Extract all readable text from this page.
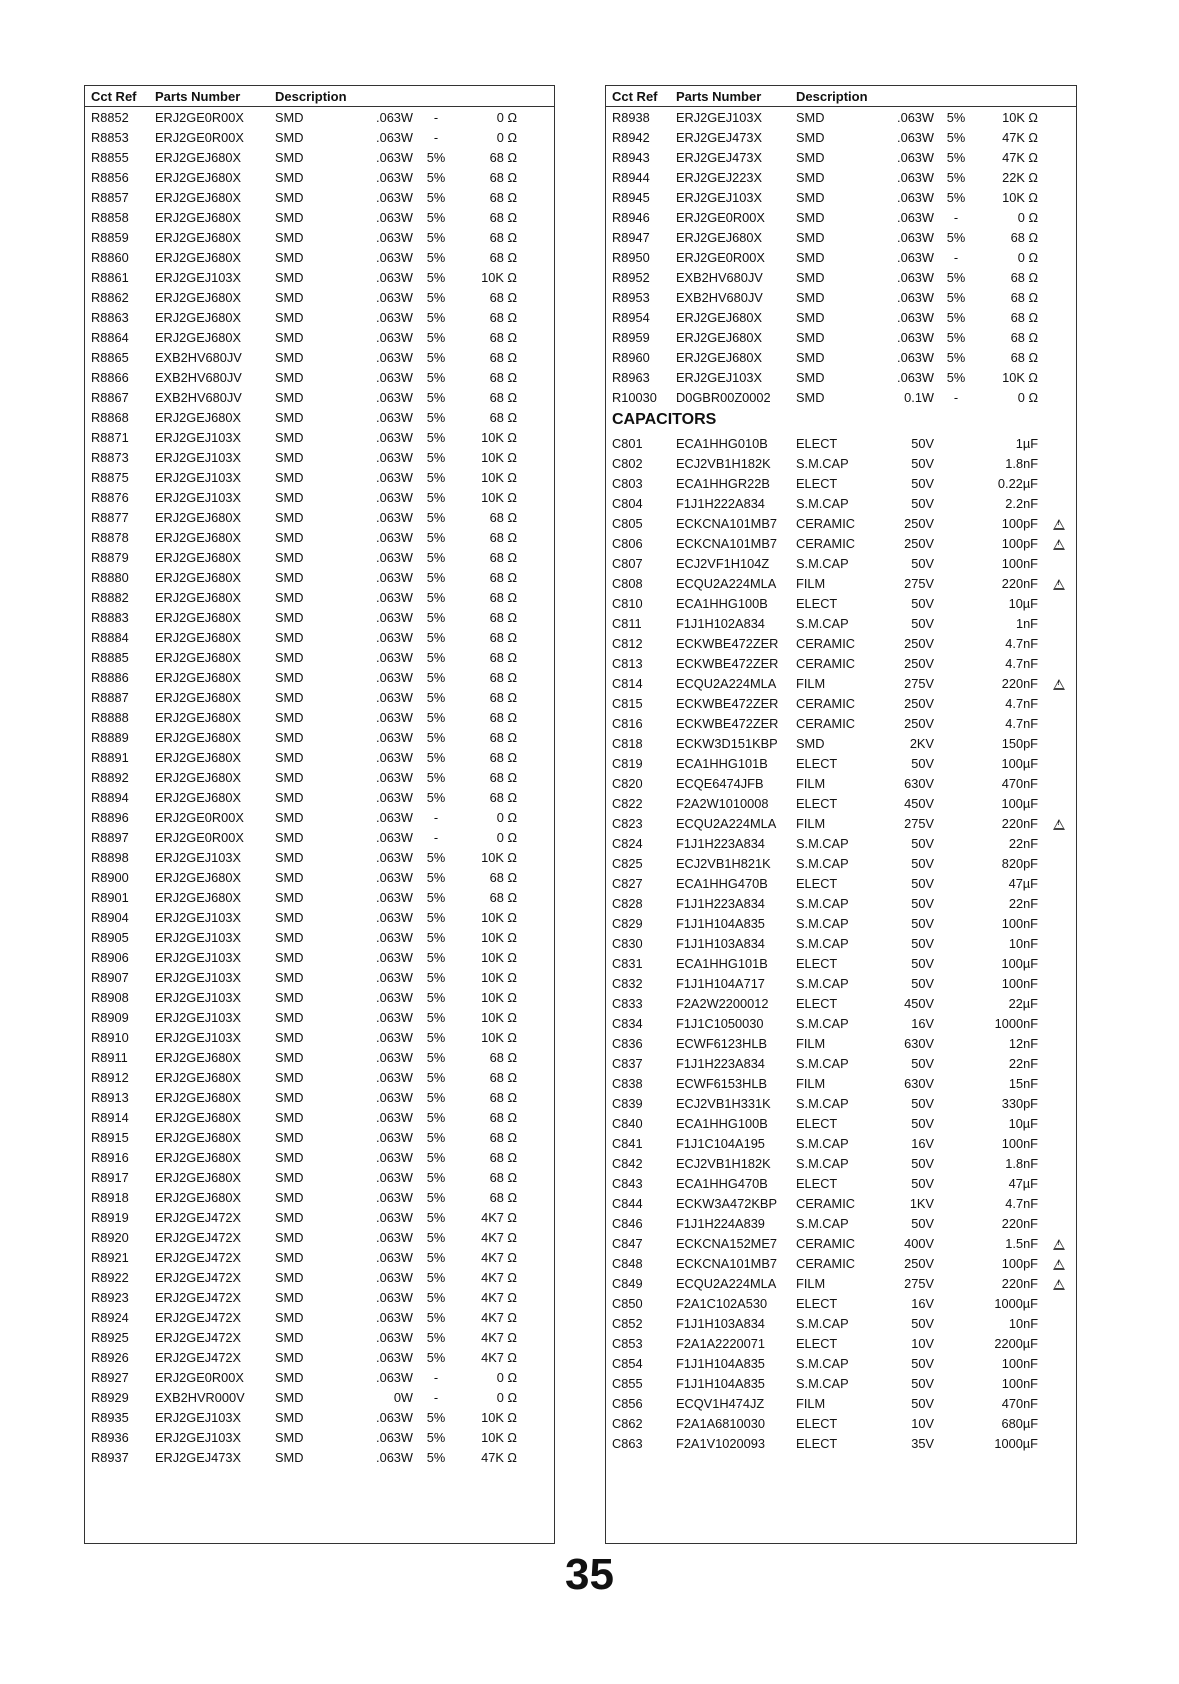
Cct Ref	Parts Number	Description				
R8852	ERJ2GE0R00X	SMD	.063W	-	0 Ω	
R8853	ERJ2GE0R00X	SMD	.063W	-	0 Ω	
R8855	ERJ2GEJ680X	SMD	.063W	5%	68 Ω	
R8856	ERJ2GEJ680X	SMD	.063W	5%	68 Ω	
R8857	ERJ2GEJ680X	SMD	.063W	5%	68 Ω	
R8858	ERJ2GEJ680X	SMD	.063W	5%	68 Ω	
R8859	ERJ2GEJ680X	SMD	.063W	5%	68 Ω	
R8860	ERJ2GEJ680X	SMD	.063W	5%	68 Ω	
R8861	ERJ2GEJ103X	SMD	.063W	5%	10K Ω	
R8862	ERJ2GEJ680X	SMD	.063W	5%	68 Ω	
R8863	ERJ2GEJ680X	SMD	.063W	5%	68 Ω	
R8864	ERJ2GEJ680X	SMD	.063W	5%	68 Ω	
R8865	EXB2HV680JV	SMD	.063W	5%	68 Ω	
R8866	EXB2HV680JV	SMD	.063W	5%	68 Ω	
R8867	EXB2HV680JV	SMD	.063W	5%	68 Ω	
R8868	ERJ2GEJ680X	SMD	.063W	5%	68 Ω	
R8871	ERJ2GEJ103X	SMD	.063W	5%	10K Ω	
R8873	ERJ2GEJ103X	SMD	.063W	5%	10K Ω	
R8875	ERJ2GEJ103X	SMD	.063W	5%	10K Ω	
R8876	ERJ2GEJ103X	SMD	.063W	5%	10K Ω	
R8877	ERJ2GEJ680X	SMD	.063W	5%	68 Ω	
R8878	ERJ2GEJ680X	SMD	.063W	5%	68 Ω	
R8879	ERJ2GEJ680X	SMD	.063W	5%	68 Ω	
R8880	ERJ2GEJ680X	SMD	.063W	5%	68 Ω	
R8882	ERJ2GEJ680X	SMD	.063W	5%	68 Ω	
R8883	ERJ2GEJ680X	SMD	.063W	5%	68 Ω	
R8884	ERJ2GEJ680X	SMD	.063W	5%	68 Ω	
R8885	ERJ2GEJ680X	SMD	.063W	5%	68 Ω	
R8886	ERJ2GEJ680X	SMD	.063W	5%	68 Ω	
R8887	ERJ2GEJ680X	SMD	.063W	5%	68 Ω	
R8888	ERJ2GEJ680X	SMD	.063W	5%	68 Ω	
R8889	ERJ2GEJ680X	SMD	.063W	5%	68 Ω	
R8891	ERJ2GEJ680X	SMD	.063W	5%	68 Ω	
R8892	ERJ2GEJ680X	SMD	.063W	5%	68 Ω	
R8894	ERJ2GEJ680X	SMD	.063W	5%	68 Ω	
R8896	ERJ2GE0R00X	SMD	.063W	-	0 Ω	
R8897	ERJ2GE0R00X	SMD	.063W	-	0 Ω	
R8898	ERJ2GEJ103X	SMD	.063W	5%	10K Ω	
R8900	ERJ2GEJ680X	SMD	.063W	5%	68 Ω	
R8901	ERJ2GEJ680X	SMD	.063W	5%	68 Ω	
R8904	ERJ2GEJ103X	SMD	.063W	5%	10K Ω	
R8905	ERJ2GEJ103X	SMD	.063W	5%	10K Ω	
R8906	ERJ2GEJ103X	SMD	.063W	5%	10K Ω	
R8907	ERJ2GEJ103X	SMD	.063W	5%	10K Ω	
R8908	ERJ2GEJ103X	SMD	.063W	5%	10K Ω	
R8909	ERJ2GEJ103X	SMD	.063W	5%	10K Ω	
R8910	ERJ2GEJ103X	SMD	.063W	5%	10K Ω	
R8911	ERJ2GEJ680X	SMD	.063W	5%	68 Ω	
R8912	ERJ2GEJ680X	SMD	.063W	5%	68 Ω	
R8913	ERJ2GEJ680X	SMD	.063W	5%	68 Ω	
R8914	ERJ2GEJ680X	SMD	.063W	5%	68 Ω	
R8915	ERJ2GEJ680X	SMD	.063W	5%	68 Ω	
R8916	ERJ2GEJ680X	SMD	.063W	5%	68 Ω	
R8917	ERJ2GEJ680X	SMD	.063W	5%	68 Ω	
R8918	ERJ2GEJ680X	SMD	.063W	5%	68 Ω	
R8919	ERJ2GEJ472X	SMD	.063W	5%	4K7 Ω	
R8920	ERJ2GEJ472X	SMD	.063W	5%	4K7 Ω	
R8921	ERJ2GEJ472X	SMD	.063W	5%	4K7 Ω	
R8922	ERJ2GEJ472X	SMD	.063W	5%	4K7 Ω	
R8923	ERJ2GEJ472X	SMD	.063W	5%	4K7 Ω	
R8924	ERJ2GEJ472X	SMD	.063W	5%	4K7 Ω	
R8925	ERJ2GEJ472X	SMD	.063W	5%	4K7 Ω	
R8926	ERJ2GEJ472X	SMD	.063W	5%	4K7 Ω	
R8927	ERJ2GE0R00X	SMD	.063W	-	0 Ω	
R8929	EXB2HVR000V	SMD	0W	-	0 Ω	
R8935	ERJ2GEJ103X	SMD	.063W	5%	10K Ω	
R8936	ERJ2GEJ103X	SMD	.063W	5%	10K Ω	
R8937	ERJ2GEJ473X	SMD	.063W	5%	47K Ω	
Cct Ref	Parts Number	Description				
R8938	ERJ2GEJ103X	SMD	.063W	5%	10K Ω	
R8942	ERJ2GEJ473X	SMD	.063W	5%	47K Ω	
R8943	ERJ2GEJ473X	SMD	.063W	5%	47K Ω	
R8944	ERJ2GEJ223X	SMD	.063W	5%	22K Ω	
R8945	ERJ2GEJ103X	SMD	.063W	5%	10K Ω	
R8946	ERJ2GE0R00X	SMD	.063W	-	0 Ω	
R8947	ERJ2GEJ680X	SMD	.063W	5%	68 Ω	
R8950	ERJ2GE0R00X	SMD	.063W	-	0 Ω	
R8952	EXB2HV680JV	SMD	.063W	5%	68 Ω	
R8953	EXB2HV680JV	SMD	.063W	5%	68 Ω	
R8954	ERJ2GEJ680X	SMD	.063W	5%	68 Ω	
R8959	ERJ2GEJ680X	SMD	.063W	5%	68 Ω	
R8960	ERJ2GEJ680X	SMD	.063W	5%	68 Ω	
R8963	ERJ2GEJ103X	SMD	.063W	5%	10K Ω	
R10030	D0GBR00Z0002	SMD	0.1W	-	0 Ω	
CAPACITORS						
C801	ECA1HHG010B	ELECT	50V		1µF	
C802	ECJ2VB1H182K	S.M.CAP	50V		1.8nF	
C803	ECA1HHGR22B	ELECT	50V		0.22µF	
C804	F1J1H222A834	S.M.CAP	50V		2.2nF	
C805	ECKCNA101MB7	CERAMIC	250V		100pF	!
C806	ECKCNA101MB7	CERAMIC	250V		100pF	!
C807	ECJ2VF1H104Z	S.M.CAP	50V		100nF	
C808	ECQU2A224MLA	FILM	275V		220nF	!
C810	ECA1HHG100B	ELECT	50V		10µF	
C811	F1J1H102A834	S.M.CAP	50V		1nF	
C812	ECKWBE472ZER	CERAMIC	250V		4.7nF	
C813	ECKWBE472ZER	CERAMIC	250V		4.7nF	
C814	ECQU2A224MLA	FILM	275V		220nF	!
C815	ECKWBE472ZER	CERAMIC	250V		4.7nF	
C816	ECKWBE472ZER	CERAMIC	250V		4.7nF	
C818	ECKW3D151KBP	SMD	2KV		150pF	
C819	ECA1HHG101B	ELECT	50V		100µF	
C820	ECQE6474JFB	FILM	630V		470nF	
C822	F2A2W1010008	ELECT	450V		100µF	
C823	ECQU2A224MLA	FILM	275V		220nF	!
C824	F1J1H223A834	S.M.CAP	50V		22nF	
C825	ECJ2VB1H821K	S.M.CAP	50V		820pF	
C827	ECA1HHG470B	ELECT	50V		47µF	
C828	F1J1H223A834	S.M.CAP	50V		22nF	
C829	F1J1H104A835	S.M.CAP	50V		100nF	
C830	F1J1H103A834	S.M.CAP	50V		10nF	
C831	ECA1HHG101B	ELECT	50V		100µF	
C832	F1J1H104A717	S.M.CAP	50V		100nF	
C833	F2A2W2200012	ELECT	450V		22µF	
C834	F1J1C1050030	S.M.CAP	16V		1000nF	
C836	ECWF6123HLB	FILM	630V		12nF	
C837	F1J1H223A834	S.M.CAP	50V		22nF	
C838	ECWF6153HLB	FILM	630V		15nF	
C839	ECJ2VB1H331K	S.M.CAP	50V		330pF	
C840	ECA1HHG100B	ELECT	50V		10µF	
C841	F1J1C104A195	S.M.CAP	16V		100nF	
C842	ECJ2VB1H182K	S.M.CAP	50V		1.8nF	
C843	ECA1HHG470B	ELECT	50V		47µF	
C844	ECKW3A472KBP	CERAMIC	1KV		4.7nF	
C846	F1J1H224A839	S.M.CAP	50V		220nF	
C847	ECKCNA152ME7	CERAMIC	400V		1.5nF	!
C848	ECKCNA101MB7	CERAMIC	250V		100pF	!
C849	ECQU2A224MLA	FILM	275V		220nF	!
C850	F2A1C102A530	ELECT	16V		1000µF	
C852	F1J1H103A834	S.M.CAP	50V		10nF	
C853	F2A1A2220071	ELECT	10V		2200µF	
C854	F1J1H104A835	S.M.CAP	50V		100nF	
C855	F1J1H104A835	S.M.CAP	50V		100nF	
C856	ECQV1H474JZ	FILM	50V		470nF	
C862	F2A1A6810030	ELECT	10V		680µF	
C863	F2A1V1020093	ELECT	35V		1000µF	
35
